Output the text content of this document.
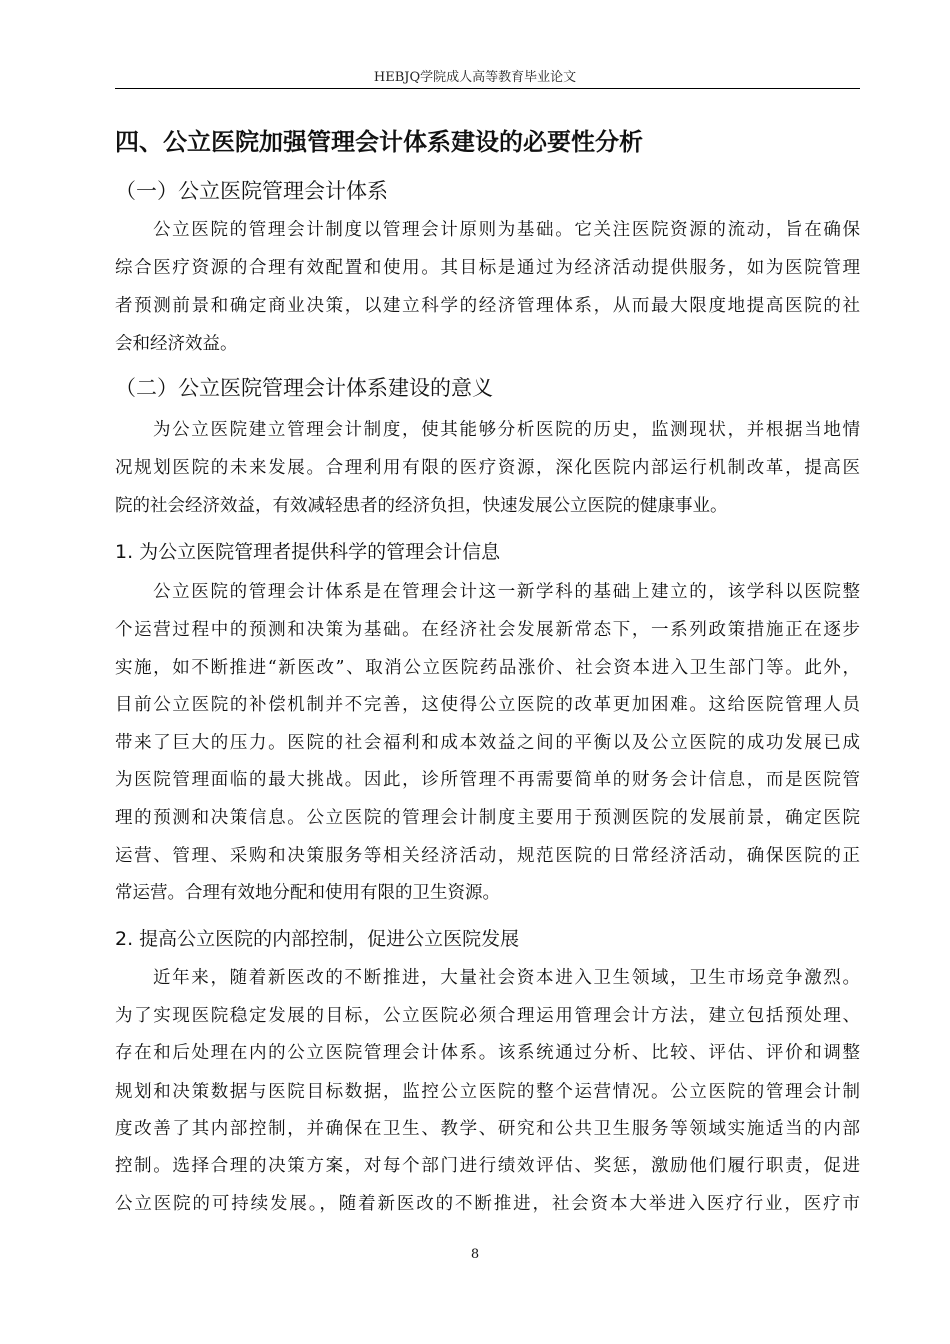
HEBJQ学院成人高等教育毕业论文
四、公立医院加强管理会计体系建设的必要性分析
（一）公立医院管理会计体系
（二）公立医院管理会计体系建设的意义
1. 为公立医院管理者提供科学的管理会计信息
2. 提高公立医院的内部控制，促进公立医院发展
公立医院的管理会计制度以管理会计原则为基础。它关注医院资源的流动，旨在确保
综合医疗资源的合理有效配置和使用。其目标是通过为经济活动提供服务，如为医院管理
者预测前景和确定商业决策，以建立科学的经济管理体系，从而最大限度地提高医院的社
会和经济效益。
为公立医院建立管理会计制度，使其能够分析医院的历史，监测现状，并根据当地情
况规划医院的未来发展。合理利用有限的医疗资源，深化医院内部运行机制改革，提高医
院的社会经济效益，有效减轻患者的经济负担，快速发展公立医院的健康事业。
公立医院的管理会计体系是在管理会计这一新学科的基础上建立的，该学科以医院整
个运营过程中的预测和决策为基础。在经济社会发展新常态下，一系列政策措施正在逐步
实施，如不断推进“新医改”、取消公立医院药品涨价、社会资本进入卫生部门等。此外，
目前公立医院的补偿机制并不完善，这使得公立医院的改革更加困难。这给医院管理人员
带来了巨大的压力。医院的社会福利和成本效益之间的平衡以及公立医院的成功发展已成
为医院管理面临的最大挑战。因此，诊所管理不再需要简单的财务会计信息，而是医院管
理的预测和决策信息。公立医院的管理会计制度主要用于预测医院的发展前景，确定医院
运营、管理、采购和决策服务等相关经济活动，规范医院的日常经济活动，确保医院的正
常运营。合理有效地分配和使用有限的卫生资源。
近年来，随着新医改的不断推进，大量社会资本进入卫生领域，卫生市场竞争激烈。
为了实现医院稳定发展的目标，公立医院必须合理运用管理会计方法，建立包括预处理、
存在和后处理在内的公立医院管理会计体系。该系统通过分析、比较、评估、评价和调整
规划和决策数据与医院目标数据，监控公立医院的整个运营情况。公立医院的管理会计制
度改善了其内部控制，并确保在卫生、教学、研究和公共卫生服务等领域实施适当的内部
控制。选择合理的决策方案，对每个部门进行绩效评估、奖惩，激励他们履行职责，促进
公立医院的可持续发展。，随着新医改的不断推进，社会资本大举进入医疗行业，医疗市
8
